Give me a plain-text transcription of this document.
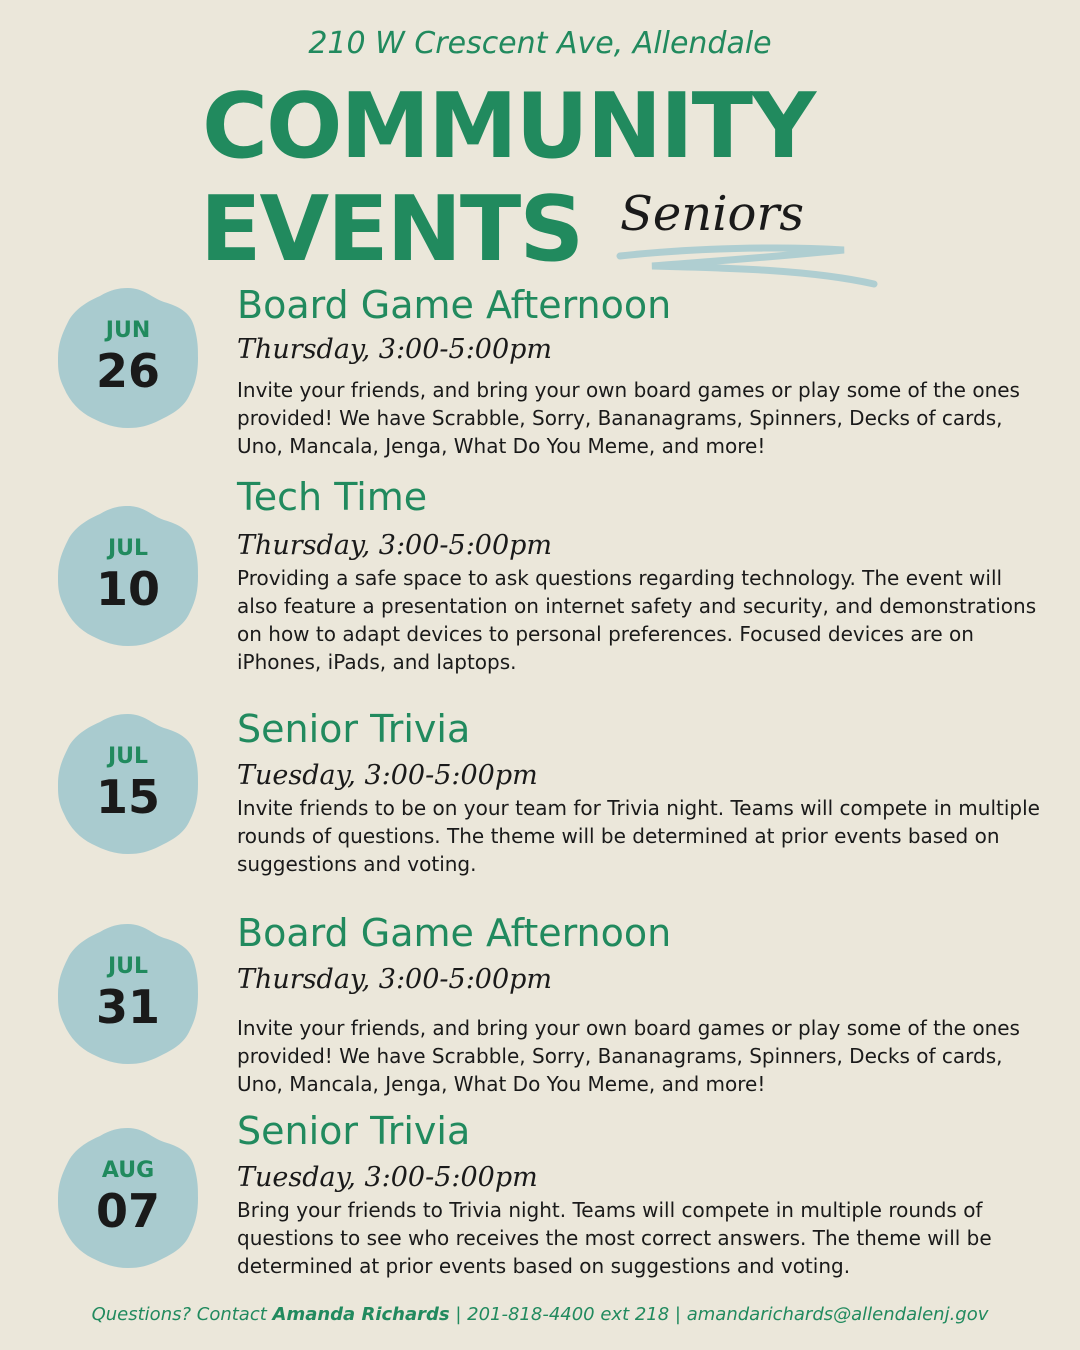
210 W Crescent Ave, Allendale
COMMUNITY
EVENTS Seniors
JUN
26
Board Game Afternoon
Thursday, 3:00-5:00pm

Invite your friends, and bring your own board games or play some of the ones provided! We have Scrabble, Sorry, Bananagrams, Spinners, Decks of cards, Uno, Mancala, Jenga, What Do You Meme, and more!

JUL
10
Tech Time
Thursday, 3:00-5:00pm

Providing a safe space to ask questions regarding technology. The event will also feature a presentation on internet safety and security, and demonstrations on how to adapt devices to personal preferences. Focused devices are on iPhones, iPads, and laptops.

JUL
15
Senior Trivia
Tuesday, 3:00-5:00pm

Invite friends to be on your team for Trivia night. Teams will compete in multiple rounds of questions. The theme will be determined at prior events based on suggestions and voting.

JUL
31
Board Game Afternoon
Thursday, 3:00-5:00pm

Invite your friends, and bring your own board games or play some of the ones provided! We have Scrabble, Sorry, Bananagrams, Spinners, Decks of cards, Uno, Mancala, Jenga, What Do You Meme, and more!

AUG
07
Senior Trivia
Tuesday, 3:00-5:00pm

Bring your friends to Trivia night. Teams will compete in multiple rounds of questions to see who receives the most correct answers. The theme will be determined at prior events based on suggestions and voting.

Questions? Contact Amanda Richards | 201-818-4400 ext 218 | amandarichards@allendalenj.gov
